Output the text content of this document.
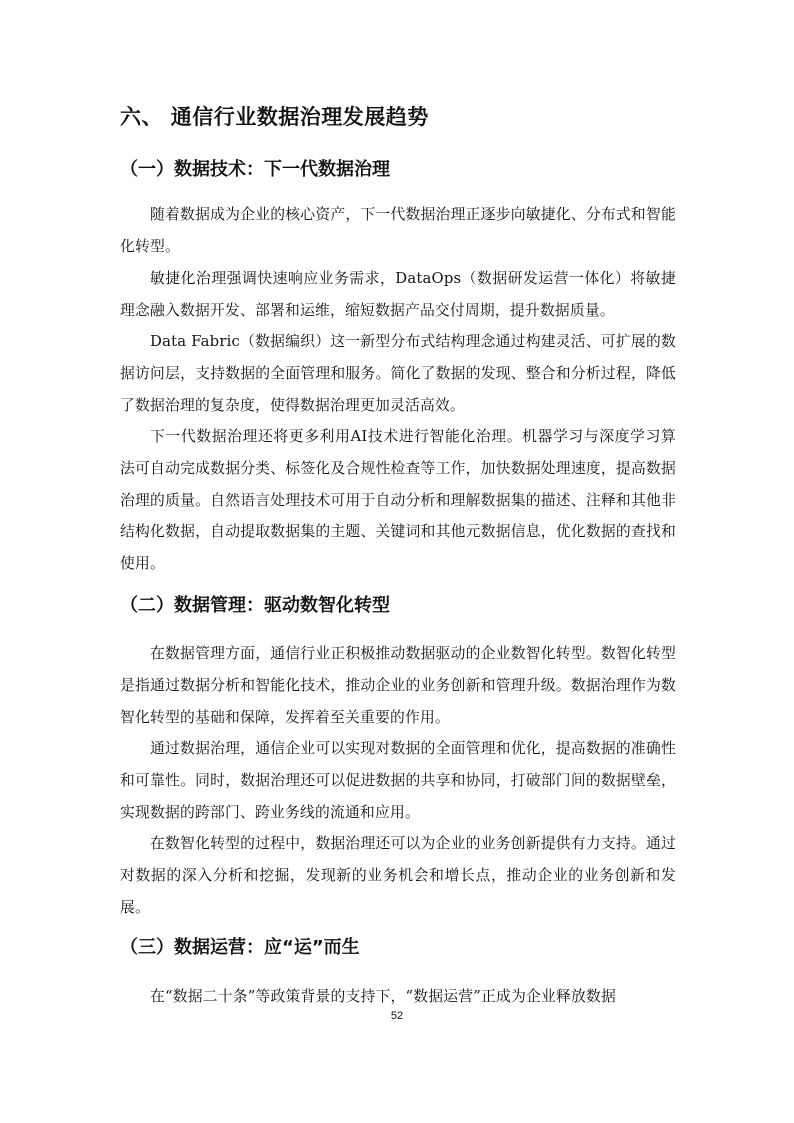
六、 通信行业数据治理发展趋势
（一）数据技术：下一代数据治理

随着数据成为企业的核心资产，下一代数据治理正逐步向敏捷化、分布式和智能化转型。

敏捷化治理强调快速响应业务需求，DataOps（数据研发运营一体化）将敏捷理念融入数据开发、部署和运维，缩短数据产品交付周期，提升数据质量。

Data Fabric（数据编织）这一新型分布式结构理念通过构建灵活、可扩展的数据访问层，支持数据的全面管理和服务。简化了数据的发现、整合和分析过程，降低了数据治理的复杂度，使得数据治理更加灵活高效。

下一代数据治理还将更多利用AI技术进行智能化治理。机器学习与深度学习算法可自动完成数据分类、标签化及合规性检查等工作，加快数据处理速度，提高数据治理的质量。自然语言处理技术可用于自动分析和理解数据集的描述、注释和其他非结构化数据，自动提取数据集的主题、关键词和其他元数据信息，优化数据的查找和使用。

（二）数据管理：驱动数智化转型

在数据管理方面，通信行业正积极推动数据驱动的企业数智化转型。数智化转型是指通过数据分析和智能化技术，推动企业的业务创新和管理升级。数据治理作为数智化转型的基础和保障，发挥着至关重要的作用。

通过数据治理，通信企业可以实现对数据的全面管理和优化，提高数据的准确性和可靠性。同时，数据治理还可以促进数据的共享和协同，打破部门间的数据壁垒，实现数据的跨部门、跨业务线的流通和应用。

在数智化转型的过程中，数据治理还可以为企业的业务创新提供有力支持。通过对数据的深入分析和挖掘，发现新的业务机会和增长点，推动企业的业务创新和发展。

（三）数据运营：应“运”而生

在“数据二十条”等政策背景的支持下，“数据运营”正成为企业释放数据

52
